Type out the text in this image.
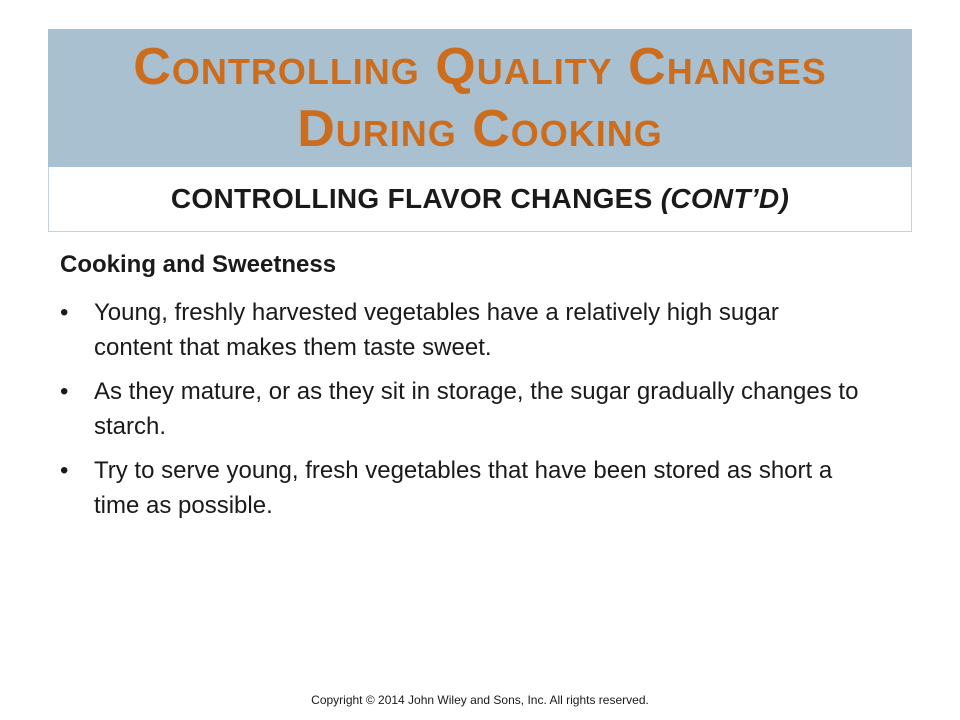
Controlling Quality Changes During Cooking
CONTROLLING FLAVOR CHANGES (CONT’D)

Cooking and Sweetness

•	Young, freshly harvested vegetables have a relatively high sugar content that makes them taste sweet.
•	As they mature, or as they sit in storage, the sugar gradually changes to starch.
•	Try to serve young, fresh vegetables that have been stored as short a time as possible.
Copyright © 2014 John Wiley and Sons, Inc. All rights reserved.
